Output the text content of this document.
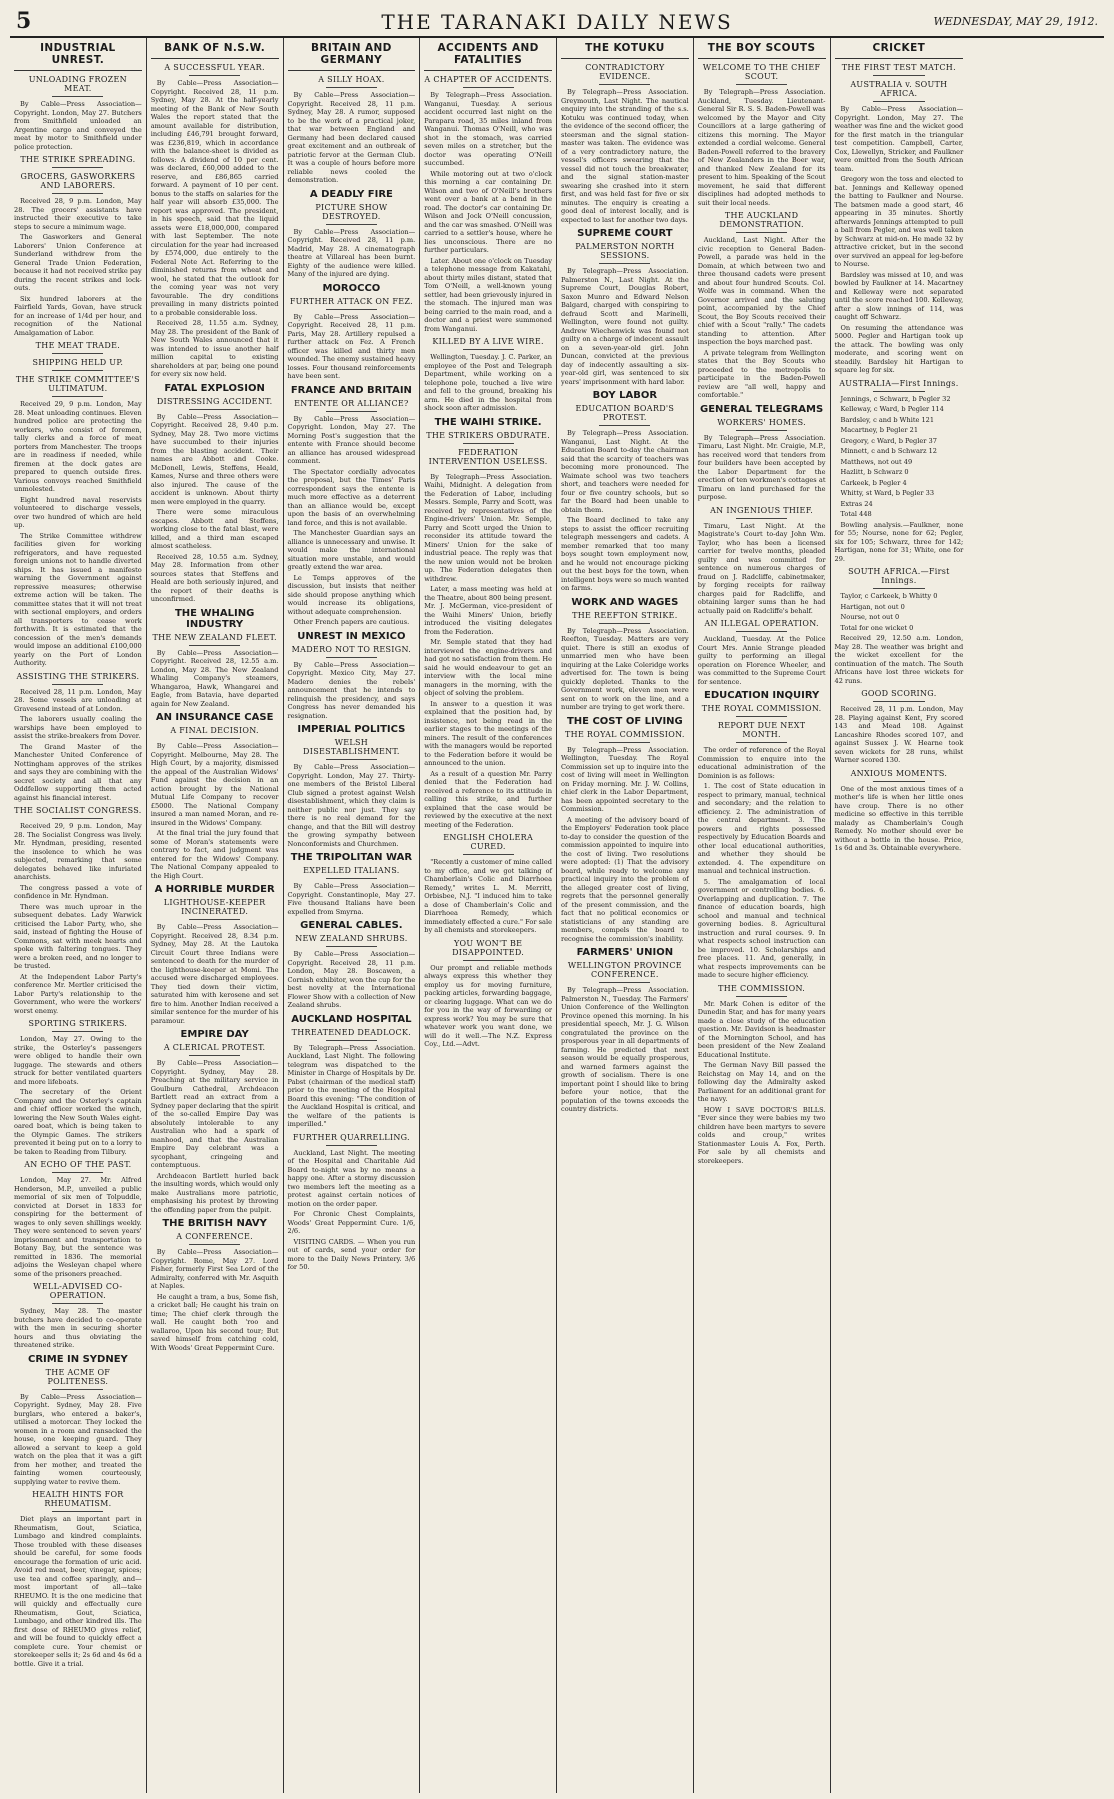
5	THE TARANAKI DAILY NEWS	WEDNESDAY, MAY 29, 1912.
INDUSTRIAL UNREST.
UNLOADING FROZEN MEAT.

By Cable—Press Association—Copyright. London, May 27. Butchers from Smithfield unloaded an Argentine cargo and conveyed the meat by motor to Smithfield under police protection.

THE STRIKE SPREADING.
GROCERS, GASWORKERS AND LABORERS.

Received 28, 9 p.m. London, May 28. The grocers' assistants have instructed their executive to take steps to secure a minimum wage.

The Gasworkers and General Laborers' Union Conference at Sunderland withdrew from the General Trade Union Federation, because it had not received strike pay during the recent strikes and lock-outs.

Six hundred laborers at the Fairfield Yards, Govan, have struck for an increase of 1/4d per hour, and recognition of the National Amalgamation of Labor.

THE MEAT TRADE.
SHIPPING HELD UP.
THE STRIKE COMMITTEE'S ULTIMATUM.

Received 29, 9 p.m. London, May 28. Meat unloading continues. Eleven hundred police are protecting the workers, who consist of foremen, tally clerks and a force of meat porters from Manchester. The troops are in readiness if needed, while firemen at the dock gates are prepared to quench outside fires. Various convoys reached Smithfield unmolested.

Eight hundred naval reservists volunteered to discharge vessels, over two hundred of which are held up.

The Strike Committee withdrew facilities given for working refrigerators, and have requested foreign unions not to handle diverted ships. It has issued a manifesto warning the Government against repressive measures; otherwise extreme action will be taken. The committee states that it will not treat with sectional employers, and orders all transporters to cease work forthwith. It is estimated that the concession of the men's demands would impose an additional £100,000 yearly on the Port of London Authority.

ASSISTING THE STRIKERS.

Received 28, 11 p.m. London, May 28. Some vessels are unloading at Gravesend instead of at London.

The laborers usually coaling the warships have been employed to assist the strike-breakers from Dover.

The Grand Master of the Manchester United Conference of Nottingham approves of the strikes and says they are combining with the secret society and all that any Oddfellow supporting them acted against his financial interest.

THE SOCIALIST CONGRESS.

Received 29, 9 p.m. London, May 28. The Socialist Congress was lively. Mr. Hyndman, presiding, resented the insolence to which he was subjected, remarking that some delegates behaved like infuriated anarchists.

The congress passed a vote of confidence in Mr. Hyndman.

There was much uproar in the subsequent debates. Lady Warwick criticised the Labor Party, who, she said, instead of fighting the House of Commons, sat with meek hearts and spoke with faltering tongues. They were a broken reed, and no longer to be trusted.

At the Independent Labor Party's conference Mr. Mertler criticised the Labor Party's relationship to the Government, who were the workers' worst enemy.

SPORTING STRIKERS.

London, May 27. Owing to the strike, the Osterley's passengers were obliged to handle their own luggage. The stewards and others struck for better ventilated quarters and more lifeboats.

The secretary of the Orient Company and the Osterley's captain and chief officer worked the winch, lowering the New South Wales eight-oared boat, which is being taken to the Olympic Games. The strikers prevented it being put on to a lorry to be taken to Reading from Tilbury.

AN ECHO OF THE PAST.

London, May 27. Mr. Alfred Henderson, M.P., unveiled a public memorial of six men of Tolpuddle, convicted at Dorset in 1833 for conspiring for the betterment of wages to only seven shillings weekly. They were sentenced to seven years' imprisonment and transportation to Botany Bay, but the sentence was remitted in 1836. The memorial adjoins the Wesleyan chapel where some of the prisoners preached.

WELL-ADVISED CO-OPERATION.

Sydney, May 28. The master butchers have decided to co-operate with the men in securing shorter hours and thus obviating the threatened strike.

CRIME IN SYDNEY
THE ACME OF POLITENESS.

By Cable—Press Association—Copyright. Sydney, May 28. Five burglars, who entered a baker's, utilised a motorcar. They locked the women in a room and ransacked the house, one keeping guard. They allowed a servant to keep a gold watch on the plea that it was a gift from her mother, and treated the fainting women courteously, supplying water to revive them.

HEALTH HINTS FOR RHEUMATISM.

Diet plays an important part in Rheumatism, Gout, Sciatica, Lumbago and kindred complaints. Those troubled with these diseases should be careful, for some foods encourage the formation of uric acid. Avoid red meat, beer, vinegar, spices; use tea and coffee sparingly, and—most important of all—take RHEUMO. It is the one medicine that will quickly and effectually cure Rheumatism, Gout, Sciatica, Lumbago, and other kindred ills. The first dose of RHEUMO gives relief, and will be found to quickly effect a complete cure. Your chemist or storekeeper sells it; 2s 6d and 4s 6d a bottle. Give it a trial.

BANK OF N.S.W.
A SUCCESSFUL YEAR.

By Cable—Press Association—Copyright. Received 28, 11 p.m. Sydney, May 28. At the half-yearly meeting of the Bank of New South Wales the report stated that the amount available for distribution, including £46,791 brought forward, was £236,819, which in accordance with the balance-sheet is divided as follows: A dividend of 10 per cent. was declared, £60,000 added to the reserve, and £86,865 carried forward. A payment of 10 per cent. bonus to the staffs on salaries for the half year will absorb £35,000. The report was approved. The president, in his speech, said that the liquid assets were £18,000,000, compared with last September. The note circulation for the year had increased by £574,000, due entirely to the Federal Note Act. Referring to the diminished returns from wheat and wool, he stated that the outlook for the coming year was not very favourable. The dry conditions prevailing in many districts pointed to a probable considerable loss.

Received 28, 11.55 a.m. Sydney, May 28. The president of the Bank of New South Wales announced that it was intended to issue another half million capital to existing shareholders at par, being one pound for every six now held.

FATAL EXPLOSION
DISTRESSING ACCIDENT.

By Cable—Press Association—Copyright. Received 28, 9.40 p.m. Sydney, May 28. Two more victims have succumbed to their injuries from the blasting accident. Their names are Abbott and Cooke. McDonell, Lewis, Steffens, Heald, Kames, Nurse and three others were also injured. The cause of the accident is unknown. About thirty men were employed in the quarry.

There were some miraculous escapes. Abbott and Steffens, working close to the fatal blast, were killed, and a third man escaped almost scatheless.

Received 28, 10.55 a.m. Sydney, May 28. Information from other sources states that Steffens and Heald are both seriously injured, and the report of their deaths is unconfirmed.

THE WHALING INDUSTRY
THE NEW ZEALAND FLEET.

By Cable—Press Association—Copyright. Received 28, 12.55 a.m. London, May 28. The New Zealand Whaling Company's steamers, Whangaroa, Hawk, Whangarei and Eagle, from Batavia, have departed again for New Zealand.

AN INSURANCE CASE
A FINAL DECISION.

By Cable—Press Association—Copyright. Melbourne, May 28. The High Court, by a majority, dismissed the appeal of the Australian Widows' Fund against the decision in an action brought by the National Mutual Life Company to recover £5000. The National Company insured a man named Moran, and re-insured in the Widows' Company.

At the final trial the jury found that some of Moran's statements were contrary to fact, and judgment was entered for the Widows' Company. The National Company appealed to the High Court.

A HORRIBLE MURDER
LIGHTHOUSE-KEEPER INCINERATED.

By Cable—Press Association—Copyright. Received 28, 8.34 p.m. Sydney, May 28. At the Lautoka Circuit Court three Indians were sentenced to death for the murder of the lighthouse-keeper at Momi. The accused were discharged employees. They tied down their victim, saturated him with kerosene and set fire to him. Another Indian received a similar sentence for the murder of his paramour.

EMPIRE DAY
A CLERICAL PROTEST.

By Cable—Press Association—Copyright. Sydney, May 28. Preaching at the military service in Goulburn Cathedral, Archdeacon Bartlett read an extract from a Sydney paper declaring that the spirit of the so-called Empire Day was absolutely intolerable to any Australian who had a spark of manhood, and that the Australian Empire Day celebrant was a sycophant, cringeing and contemptuous.

Archdeacon Bartlett hurled back the insulting words, which would only make Australians more patriotic, emphasising his protest by throwing the offending paper from the pulpit.

THE BRITISH NAVY
A CONFERENCE.

By Cable—Press Association—Copyright. Rome, May 27. Lord Fisher, formerly First Sea Lord of the Admiralty, conferred with Mr. Asquith at Naples.

He caught a tram, a bus, Some fish, a cricket ball; He caught his train on time; The chief clerk through the wall. He caught both 'roo and wallaroo, Upon his second tour; But saved himself from catching cold, With Woods' Great Peppermint Cure.

BRITAIN AND GERMANY
A SILLY HOAX.

By Cable—Press Association—Copyright. Received 28, 11 p.m. Sydney, May 28. A rumor, supposed to be the work of a practical joker, that war between England and Germany had been declared caused great excitement and an outbreak of patriotic fervor at the German Club. It was a couple of hours before more reliable news cooled the demonstration.

A DEADLY FIRE
PICTURE SHOW DESTROYED.

By Cable—Press Association—Copyright. Received 28, 11 p.m. Madrid, May 28. A cinematograph theatre at Villareal has been burnt. Eighty of the audience were killed. Many of the injured are dying.

MOROCCO
FURTHER ATTACK ON FEZ.

By Cable—Press Association—Copyright. Received 28, 11 p.m. Paris, May 28. Artillery repulsed a further attack on Fez. A French officer was killed and thirty men wounded. The enemy sustained heavy losses. Four thousand reinforcements have been sent.

FRANCE AND BRITAIN
ENTENTE OR ALLIANCE?

By Cable—Press Association—Copyright. London, May 27. The Morning Post's suggestion that the entente with France should become an alliance has aroused widespread comment.

The Spectator cordially advocates the proposal, but the Times' Paris correspondent says the entente is much more effective as a deterrent than an alliance would be, except upon the basis of an overwhelming land force, and this is not available.

The Manchester Guardian says an alliance is unnecessary and unwise. It would make the international situation more unstable, and would greatly extend the war area.

Le Temps approves of the discussion, but insists that neither side should propose anything which would increase its obligations, without adequate comprehension.

Other French papers are cautious.

UNREST IN MEXICO
MADERO NOT TO RESIGN.

By Cable—Press Association—Copyright. Mexico City, May 27. Madero denies the rebels' announcement that he intends to relinquish the presidency, and says Congress has never demanded his resignation.

IMPERIAL POLITICS
WELSH DISESTABLISHMENT.

By Cable—Press Association—Copyright. London, May 27. Thirty-one members of the Bristol Liberal Club signed a protest against Welsh disestablishment, which they claim is neither public nor just. They say there is no real demand for the change, and that the Bill will destroy the growing sympathy between Nonconformists and Churchmen.

THE TRIPOLITAN WAR
EXPELLED ITALIANS.

By Cable—Press Association—Copyright. Constantinople, May 27. Five thousand Italians have been expelled from Smyrna.

GENERAL CABLES.
NEW ZEALAND SHRUBS.

By Cable—Press Association—Copyright. Received 28, 11 p.m. London, May 28. Boscawen, a Cornish exhibitor, won the cup for the best novelty at the International Flower Show with a collection of New Zealand shrubs.

AUCKLAND HOSPITAL
THREATENED DEADLOCK.

By Telegraph—Press Association. Auckland, Last Night. The following telegram was dispatched to the Minister in Charge of Hospitals by Dr. Pabst (chairman of the medical staff) prior to the meeting of the Hospital Board this evening: "The condition of the Auckland Hospital is critical, and the welfare of the patients is imperilled."

FURTHER QUARRELLING.

Auckland, Last Night. The meeting of the Hospital and Charitable Aid Board to-night was by no means a happy one. After a stormy discussion two members left the meeting as a protest against certain notices of motion on the order paper.

For Chronic Chest Complaints, Woods' Great Peppermint Cure. 1/6, 2/6.

VISITING CARDS. — When you run out of cards, send your order for more to the Daily News Printery. 3/6 for 50.

ACCIDENTS AND FATALITIES
A CHAPTER OF ACCIDENTS.

By Telegraph—Press Association. Wanganui, Tuesday. A serious accident occurred last night on the Parapara road, 35 miles inland from Wanganui. Thomas O'Neill, who was shot in the stomach, was carried seven miles on a stretcher, but the doctor was operating O'Neill succumbed.

While motoring out at two o'clock this morning a car containing Dr. Wilson and two of O'Neill's brothers went over a bank at a bend in the road. The doctor's car containing Dr. Wilson and Jock O'Neill concussion, and the car was smashed. O'Neill was carried to a settler's house, where he lies unconscious. There are no further particulars.

Later. About one o'clock on Tuesday a telephone message from Kakatahi, about thirty miles distant, stated that Tom O'Neill, a well-known young settler, had been grievously injured in the stomach. The injured man was being carried to the main road, and a doctor and a priest were summoned from Wanganui.

KILLED BY A LIVE WIRE.

Wellington, Tuesday. J. C. Parker, an employee of the Post and Telegraph Department, while working on a telephone pole, touched a live wire and fell to the ground, breaking his arm. He died in the hospital from shock soon after admission.

THE WAIHI STRIKE.
THE STRIKERS OBDURATE.
FEDERATION INTERVENTION USELESS.

By Telegraph—Press Association. Waihi, Midnight. A delegation from the Federation of Labor, including Messrs. Semple, Parry and Scott, was received by representatives of the Engine-drivers' Union. Mr. Semple, Parry and Scott urged the Union to reconsider its attitude toward the Miners' Union for the sake of industrial peace. The reply was that the new union would not be broken up. The Federation delegates then withdrew.

Later, a mass meeting was held at the Theatre, about 800 being present. Mr. J. McGerman, vice-president of the Waihi Miners' Union, briefly introduced the visiting delegates from the Federation.

Mr. Semple stated that they had interviewed the engine-drivers and had got no satisfaction from them. He said he would endeavour to get an interview with the local mine managers in the morning, with the object of solving the problem.

In answer to a question it was explained that the position had, by insistence, not being read in the earlier stages to the meetings of the miners. The result of the conferences with the managers would be reported to the Federation before it would be announced to the union.

As a result of a question Mr. Parry denied that the Federation had received a reference to its attitude in calling this strike, and further explained that the case would be reviewed by the executive at the next meeting of the Federation.

ENGLISH CHOLERA CURED.

"Recently a customer of mine called to my office, and we got talking of Chamberlain's Colic and Diarrhoea Remedy," writes L. M. Merritt, Orbisbee, N.J. "I induced him to take a dose of Chamberlain's Colic and Diarrhoea Remedy, which immediately effected a cure." For sale by all chemists and storekeepers.

YOU WON'T BE DISAPPOINTED.

Our prompt and reliable methods always express this whether they employ us for moving furniture, packing articles, forwarding baggage, or clearing luggage. What can we do for you in the way of forwarding or express work? You may be sure that whatever work you want done, we will do it well.—The N.Z. Express Coy., Ltd.—Advt.

THE KOTUKU
CONTRADICTORY EVIDENCE.

By Telegraph—Press Association. Greymouth, Last Night. The nautical enquiry into the stranding of the s.s. Kotuku was continued today, when the evidence of the second officer, the steersman and the signal station-master was taken. The evidence was of a very contradictory nature, the vessel's officers swearing that the vessel did not touch the breakwater, and the signal station-master swearing she crashed into it stern first, and was held fast for five or six minutes. The enquiry is creating a good deal of interest locally, and is expected to last for another two days.

SUPREME COURT
PALMERSTON NORTH SESSIONS.

By Telegraph—Press Association. Palmerston N., Last Night. At the Supreme Court, Douglas Robert, Saxon Munro and Edward Nelson Balgard, charged with conspiring to defraud Scott and Marinelli, Wellington, were found not guilty. Andrew Wiechenwick was found not guilty on a charge of indecent assault on a seven-year-old girl. John Duncan, convicted at the previous day of indecently assaulting a six-year-old girl, was sentenced to six years' imprisonment with hard labor.

BOY LABOR
EDUCATION BOARD'S PROTEST.

By Telegraph—Press Association. Wanganui, Last Night. At the Education Board to-day the chairman said that the scarcity of teachers was becoming more pronounced. The Waimate school was two teachers short, and teachers were needed for four or five country schools, but so far the Board had been unable to obtain them.

The Board declined to take any steps to assist the officer recruiting telegraph messengers and cadets. A member remarked that too many boys sought town employment now, and he would not encourage picking out the best boys for the town, when intelligent boys were so much wanted on farms.

WORK AND WAGES
THE REEFTON STRIKE.

By Telegraph—Press Association. Reefton, Tuesday. Matters are very quiet. There is still an exodus of unmarried men who have been inquiring at the Lake Coleridge works advertised for. The town is being quickly depleted. Thanks to the Government work, eleven men were sent on to work on the line, and a number are trying to get work there.

THE COST OF LIVING
THE ROYAL COMMISSION.

By Telegraph—Press Association. Wellington, Tuesday. The Royal Commission set up to inquire into the cost of living will meet in Wellington on Friday morning. Mr. J. W. Collins, chief clerk in the Labor Department, has been appointed secretary to the Commission.

A meeting of the advisory board of the Employers' Federation took place to-day to consider the question of the commission appointed to inquire into the cost of living. Two resolutions were adopted: (1) That the advisory board, while ready to welcome any practical inquiry into the problem of the alleged greater cost of living, regrets that the personnel generally of the present commission, and the fact that no political economics or statisticians of any standing are members, compels the board to recognise the commission's inability.

FARMERS' UNION
WELLINGTON PROVINCE CONFERENCE.

By Telegraph—Press Association. Palmerston N., Tuesday. The Farmers' Union Conference of the Wellington Province opened this morning. In his presidential speech, Mr. J. G. Wilson congratulated the province on the prosperous year in all departments of farming. He predicted that next season would be equally prosperous, and warned farmers against the growth of socialism. There is one important point I should like to bring before your notice, that the population of the towns exceeds the country districts.

THE BOY SCOUTS
WELCOME TO THE CHIEF SCOUT.

By Telegraph—Press Association. Auckland, Tuesday. Lieutenant-General Sir R. S. S. Baden-Powell was welcomed by the Mayor and City Councillors at a large gathering of citizens this morning. The Mayor extended a cordial welcome. General Baden-Powell referred to the bravery of New Zealanders in the Boer war, and thanked New Zealand for its present to him. Speaking of the Scout movement, he said that different disciplines had adopted methods to suit their local needs.

THE AUCKLAND DEMONSTRATION.

Auckland, Last Night. After the civic reception to General Baden-Powell, a parade was held in the Domain, at which between two and three thousand cadets were present and about four hundred Scouts. Col. Wolfe was in command. When the Governor arrived and the saluting point, accompanied by the Chief Scout, the Boy Scouts received their chief with a Scout "rally." The cadets standing to attention. After inspection the boys marched past.

A private telegram from Wellington states that the Boy Scouts who proceeded to the metropolis to participate in the Baden-Powell review are "all well, happy and comfortable."

GENERAL TELEGRAMS
WORKERS' HOMES.

By Telegraph—Press Association. Timaru, Last Night. Mr. Craigie, M.P., has received word that tenders from four builders have been accepted by the Labor Department for the erection of ten workmen's cottages at Timaru on land purchased for the purpose.

AN INGENIOUS THIEF.

Timaru, Last Night. At the Magistrate's Court to-day John Wm. Taylor, who has been a licensed carrier for twelve months, pleaded guilty and was committed for sentence on numerous charges of fraud on J. Radcliffe, cabinetmaker, by forging receipts for railway charges paid for Radcliffe, and obtaining larger sums than he had actually paid on Radcliffe's behalf.

AN ILLEGAL OPERATION.

Auckland, Tuesday. At the Police Court Mrs. Annie Strange pleaded guilty to performing an illegal operation on Florence Wheeler, and was committed to the Supreme Court for sentence.

EDUCATION INQUIRY
THE ROYAL COMMISSION.
REPORT DUE NEXT MONTH.

The order of reference of the Royal Commission to enquire into the educational administration of the Dominion is as follows:

1. The cost of State education in respect to primary, manual, technical and secondary; and the relation to efficiency. 2. The administration of the central department. 3. The powers and rights possessed respectively by Education Boards and other local educational authorities, and whether they should be extended. 4. The expenditure on manual and technical instruction.

5. The amalgamation of local government or controlling bodies. 6. Overlapping and duplication. 7. The finance of education boards, high school and manual and technical governing bodies. 8. Agricultural instruction and rural courses. 9. In what respects school instruction can be improved. 10. Scholarships and free places. 11. And, generally, in what respects improvements can be made to secure higher efficiency.

THE COMMISSION.

Mr. Mark Cohen is editor of the Dunedin Star, and has for many years made a close study of the education question. Mr. Davidson is headmaster of the Mornington School, and has been president of the New Zealand Educational Institute.

The German Navy Bill passed the Reichstag on May 14, and on the following day the Admiralty asked Parliament for an additional grant for the navy.

HOW I SAVE DOCTOR'S BILLS. "Ever since they were babies my two children have been martyrs to severe colds and croup," writes Stationmaster Louis A. Fox, Perth. For sale by all chemists and storekeepers.

CRICKET
THE FIRST TEST MATCH.
AUSTRALIA v. SOUTH AFRICA.

By Cable—Press Association—Copyright. London, May 27. The weather was fine and the wicket good for the first match in the triangular test competition. Campbell, Carter, Cox, Llewellyn, Stricker, and Faulkner were omitted from the South African team.

Gregory won the toss and elected to bat. Jennings and Kelleway opened the batting to Faulkner and Nourse. The batsmen made a good start, 46 appearing in 35 minutes. Shortly afterwards Jennings attempted to pull a ball from Pegler, and was well taken by Schwarz at mid-on. He made 32 by attractive cricket, but in the second over survived an appeal for leg-before to Nourse.

Bardsley was missed at 10, and was bowled by Faulkner at 14. Macartney and Kelleway were not separated until the score reached 100. Kelleway, after a slow innings of 114, was caught off Schwarz.

On resuming the attendance was 5000. Pegler and Hartigan took up the attack. The bowling was only moderate, and scoring went on steadily. Bardsley hit Hartigan to square leg for six.

AUSTRALIA—First Innings.

Jennings, c Schwarz, b Pegler 32

Kelleway, c Ward, b Pegler 114

Bardsley, c and b White 121

Macartney, b Pegler 21

Gregory, c Ward, b Pegler 37

Minnett, c and b Schwarz 12

Matthews, not out 49

Hazlitt, b Schwarz 0

Carkeek, b Pegler 4

Whitty, st Ward, b Pegler 33

Extras 24

Total 448

Bowling analysis.—Faulkner, none for 55; Nourse, none for 62; Pegler, six for 105; Schwarz, three for 142; Hartigan, none for 31; White, one for 29.

SOUTH AFRICA.—First Innings.

Taylor, c Carkeek, b Whitty 0

Hartigan, not out 0

Nourse, not out 0

Total for one wicket 0

Received 29, 12.50 a.m. London, May 28. The weather was bright and the wicket excellent for the continuation of the match. The South Africans have lost three wickets for 42 runs.

GOOD SCORING.

Received 28, 11 p.m. London, May 28. Playing against Kent, Fry scored 143 and Mead 108. Against Lancashire Rhodes scored 107, and against Sussex J. W. Hearne took seven wickets for 28 runs, whilst Warner scored 130.

ANXIOUS MOMENTS.

One of the most anxious times of a mother's life is when her little ones have croup. There is no other medicine so effective in this terrible malady as Chamberlain's Cough Remedy. No mother should ever be without a bottle in the house. Price, 1s 6d and 3s. Obtainable everywhere.
